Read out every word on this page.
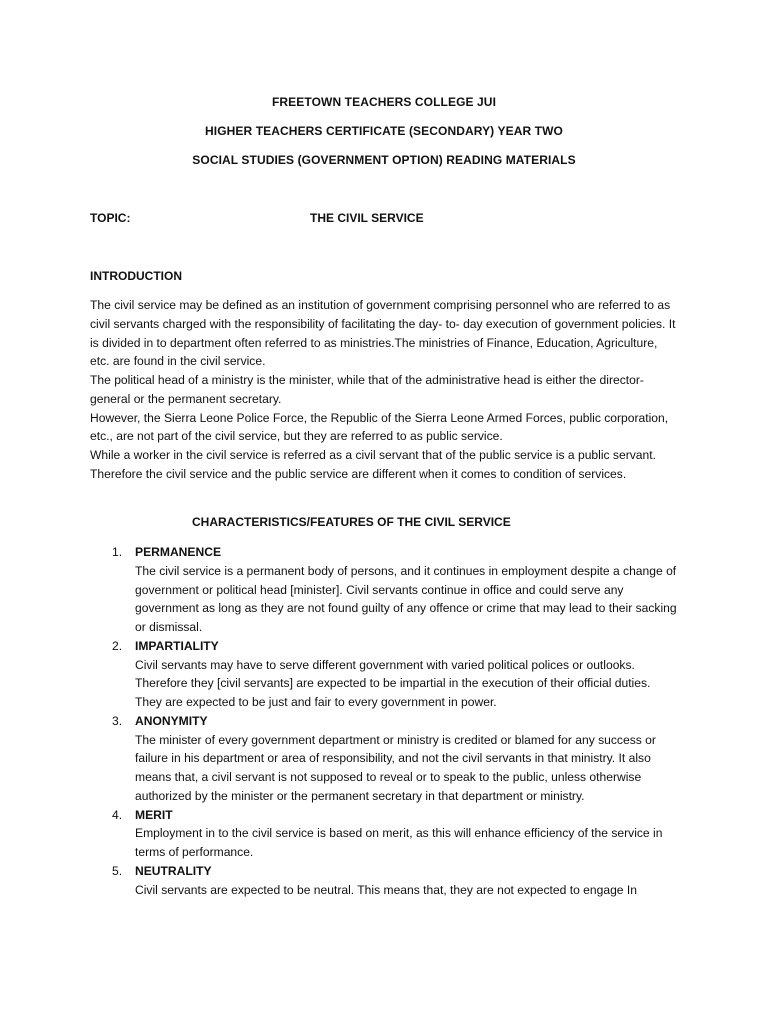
FREETOWN TEACHERS COLLEGE JUI
HIGHER TEACHERS CERTIFICATE (SECONDARY) YEAR TWO
SOCIAL STUDIES (GOVERNMENT OPTION) READING MATERIALS
TOPIC:	THE CIVIL SERVICE
INTRODUCTION

The civil service may be defined as an institution of government comprising personnel who are referred to as civil servants charged with the responsibility of facilitating the day- to- day execution of government policies. It is divided in to department often referred to as ministries.The ministries of Finance, Education, Agriculture, etc. are found in the civil service.

The political head of a ministry is the minister, while that of the administrative head is either the director- general or the permanent secretary.

However, the Sierra Leone Police Force, the Republic of the Sierra Leone Armed Forces, public corporation, etc., are not part of the civil service, but they are referred to as public service.

While a worker in the civil service is referred as a civil servant that of the public service is a public servant. Therefore the civil service and the public service are different when it comes to condition of services.

CHARACTERISTICS/FEATURES OF THE CIVIL SERVICE
1. PERMANENCE
The civil service is a permanent body of persons, and it continues in employment despite a change of government or political head [minister]. Civil servants continue in office and could serve any government as long as they are not found guilty of any offence or crime that may lead to their sacking or dismissal.
2. IMPARTIALITY
Civil servants may have to serve different government with varied political polices or outlooks. Therefore they [civil servants] are expected to be impartial in the execution of their official duties. They are expected to be just and fair to every government in power.
3. ANONYMITY
The minister of every government department or ministry is credited or blamed for any success or failure in his department or area of responsibility, and not the civil servants in that ministry. It also means that, a civil servant is not supposed to reveal or to speak to the public, unless otherwise authorized by the minister or the permanent secretary in that department or ministry.
4. MERIT
Employment in to the civil service is based on merit, as this will enhance efficiency of the service in terms of performance.
5. NEUTRALITY
Civil servants are expected to be neutral. This means that, they are not expected to engage In
